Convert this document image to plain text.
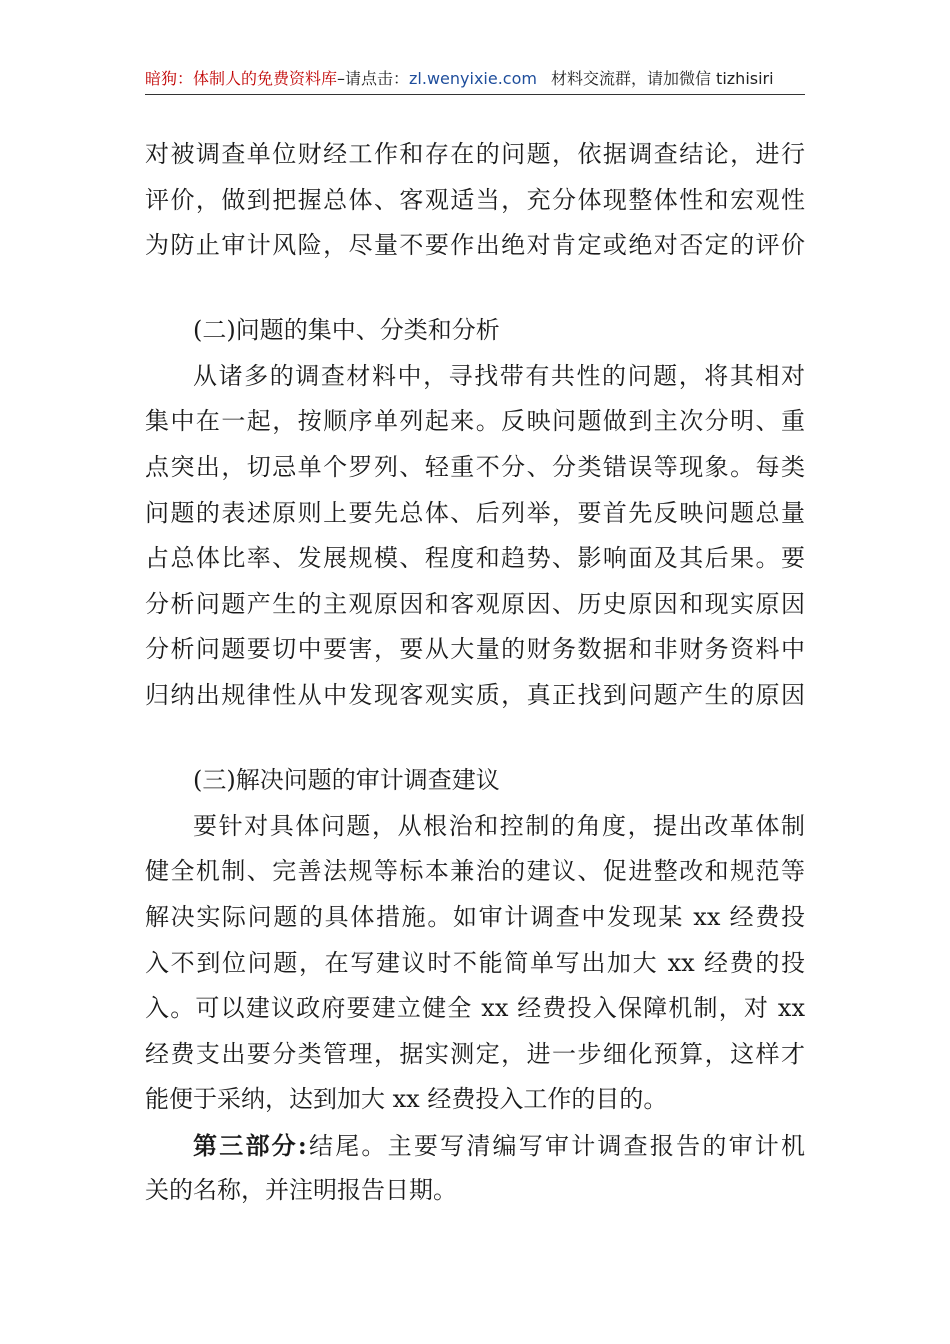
暗狗：体制人的免费资料库–请点击：zl.wenyixie.com 材料交流群，请加微信 tizhisiri
对被调查单位财经工作和存在的问题，依据调查结论，进行
评价，做到把握总体、客观适当，充分体现整体性和宏观性
为防止审计风险，尽量不要作出绝对肯定或绝对否定的评价
(二)问题的集中、分类和分析
从诸多的调查材料中，寻找带有共性的问题，将其相对
集中在一起，按顺序单列起来。反映问题做到主次分明、重
点突出，切忌单个罗列、轻重不分、分类错误等现象。每类
问题的表述原则上要先总体、后列举，要首先反映问题总量
占总体比率、发展规模、程度和趋势、影响面及其后果。要
分析问题产生的主观原因和客观原因、历史原因和现实原因
分析问题要切中要害，要从大量的财务数据和非财务资料中
归纳出规律性从中发现客观实质，真正找到问题产生的原因
(三)解决问题的审计调查建议
要针对具体问题，从根治和控制的角度，提出改革体制
健全机制、完善法规等标本兼治的建议、促进整改和规范等
解决实际问题的具体措施。如审计调查中发现某 xx 经费投
入不到位问题，在写建议时不能简单写出加大 xx 经费的投
入。可以建议政府要建立健全 xx 经费投入保障机制，对 xx
经费支出要分类管理，据实测定，进一步细化预算，这样才
能便于采纳，达到加大 xx 经费投入工作的目的。
第三部分:结尾。主要写清编写审计调查报告的审计机
关的名称，并注明报告日期。
